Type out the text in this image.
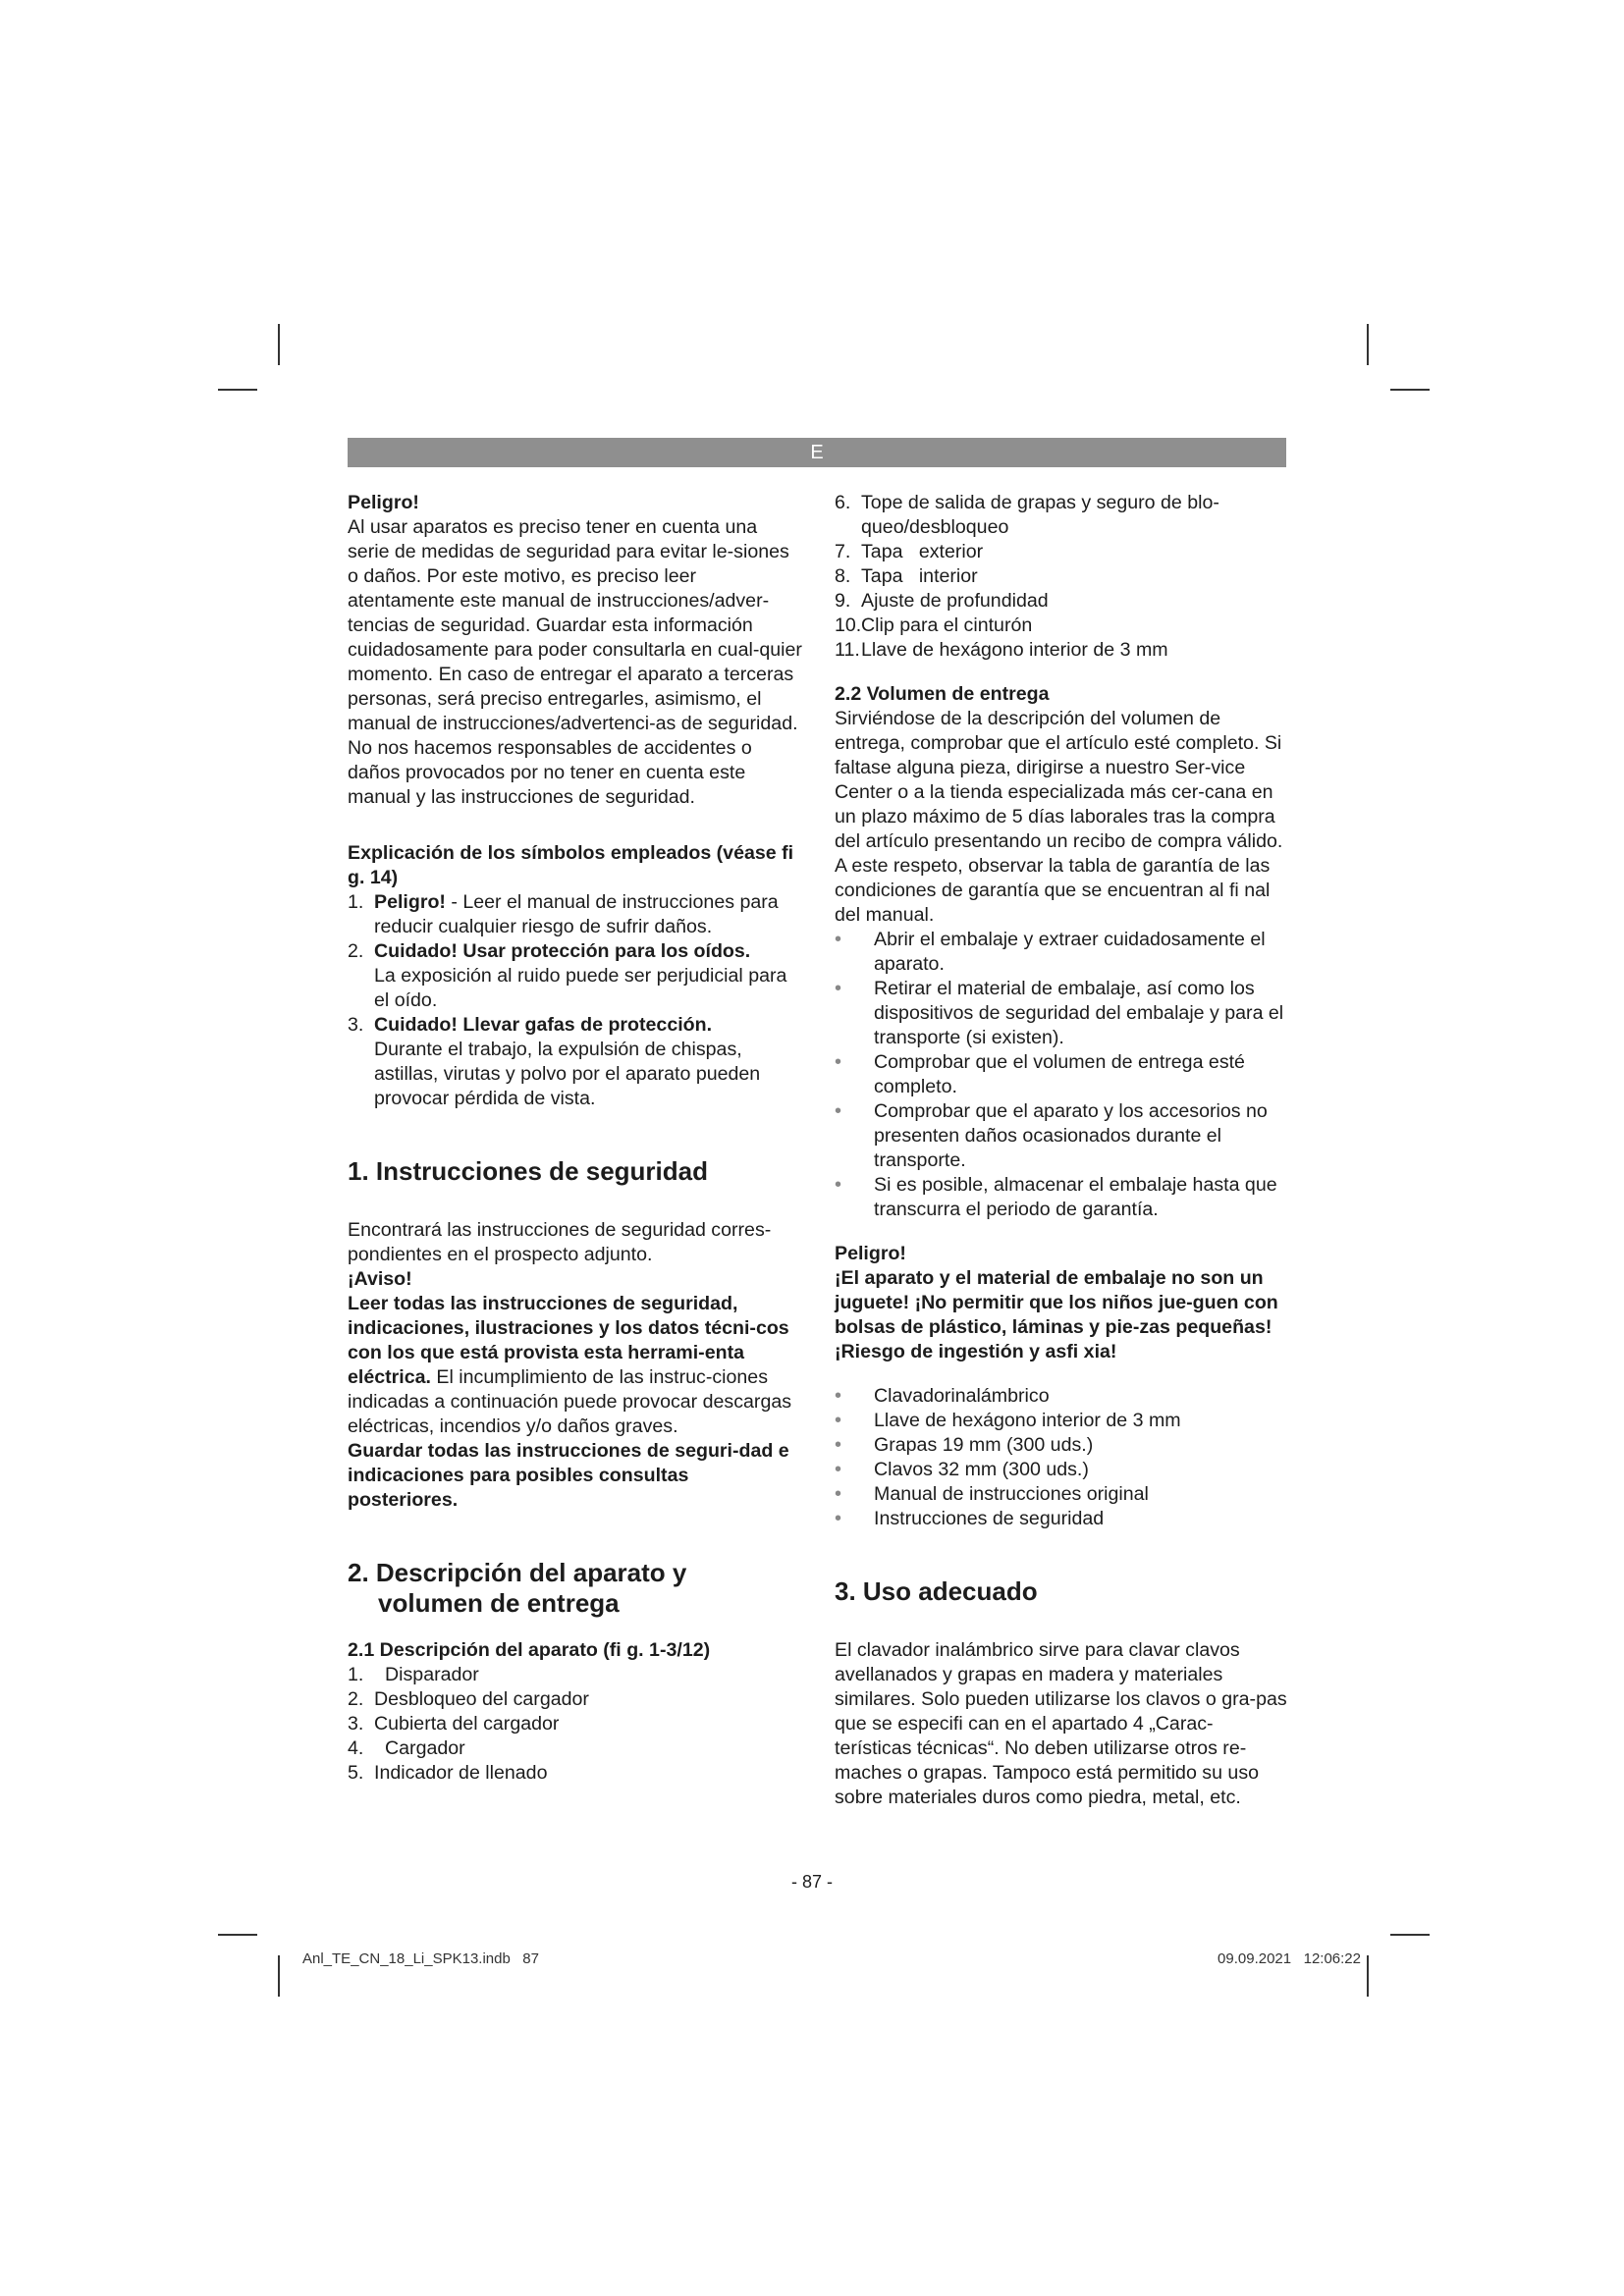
E

Peligro!

Al usar aparatos es preciso tener en cuenta una serie de medidas de seguridad para evitar le-siones o daños. Por este motivo, es preciso leer atentamente este manual de instrucciones/adver-tencias de seguridad. Guardar esta información cuidadosamente para poder consultarla en cual-quier momento. En caso de entregar el aparato a terceras personas, será preciso entregarles, asimismo, el manual de instrucciones/advertenci-as de seguridad. No nos hacemos responsables de accidentes o daños provocados por no tener en cuenta este manual y las instrucciones de seguridad.

Explicación de los símbolos empleados (véase fi g. 14)

1. Peligro! - Leer el manual de instrucciones para reducir cualquier riesgo de sufrir daños.
2. Cuidado! Usar protección para los oídos.
La exposición al ruido puede ser perjudicial para el oído.
3. Cuidado! Llevar gafas de protección.
Durante el trabajo, la expulsión de chispas, astillas, virutas y polvo por el aparato pueden provocar pérdida de vista.
1. Instrucciones de seguridad

Encontrará las instrucciones de seguridad corres-pondientes en el prospecto adjunto.

¡Aviso!

Leer todas las instrucciones de seguridad, indicaciones, ilustraciones y los datos técni-cos con los que está provista esta herrami-enta eléctrica. El incumplimiento de las instruc-ciones indicadas a continuación puede provocar descargas eléctricas, incendios y/o daños graves.

Guardar todas las instrucciones de seguri-dad e indicaciones para posibles consultas posteriores.

2. Descripción del aparato y
volumen de entrega

2.1 Descripción del aparato (fi g. 1-3/12)

1. Disparador
2. Desbloqueo del cargador
3. Cubierta del cargador
4. Cargador
5. Indicador de llenado
6. Tope de salida de grapas y seguro de blo-queo/desbloqueo
7. Tapa   exterior
8. Tapa   interior
9. Ajuste de profundidad
10. Clip para el cinturón
11. Llave de hexágono interior de 3 mm

2.2 Volumen de entrega

Sirviéndose de la descripción del volumen de entrega, comprobar que el artículo esté completo. Si faltase alguna pieza, dirigirse a nuestro Ser-vice Center o a la tienda especializada más cer-cana en un plazo máximo de 5 días laborales tras la compra del artículo presentando un recibo de compra válido. A este respeto, observar la tabla de garantía de las condiciones de garantía que se encuentran al fi nal del manual.

• Abrir el embalaje y extraer cuidadosamente el aparato.
• Retirar el material de embalaje, así como los dispositivos de seguridad del embalaje y para el transporte (si existen).
• Comprobar que el volumen de entrega esté completo.
• Comprobar que el aparato y los accesorios no presenten daños ocasionados durante el transporte.
• Si es posible, almacenar el embalaje hasta que transcurra el periodo de garantía.

Peligro!

¡El aparato y el material de embalaje no son un juguete! ¡No permitir que los niños jue-guen con bolsas de plástico, láminas y pie-zas pequeñas! ¡Riesgo de ingestión y asfi xia!

• Clavadorinalámbrico
• Llave de hexágono interior de 3 mm
• Grapas 19 mm (300 uds.)
• Clavos 32 mm (300 uds.)
• Manual de instrucciones original
• Instrucciones de seguridad
3. Uso adecuado

El clavador inalámbrico sirve para clavar clavos avellanados y grapas en madera y materiales similares. Solo pueden utilizarse los clavos o gra-pas que se especifi can en el apartado 4 „Carac-terísticas técnicas“. No deben utilizarse otros re-maches o grapas. Tampoco está permitido su uso sobre materiales duros como piedra, metal, etc.

- 87 -
Anl_TE_CN_18_Li_SPK13.indb   87	09.09.2021   12:06:22
